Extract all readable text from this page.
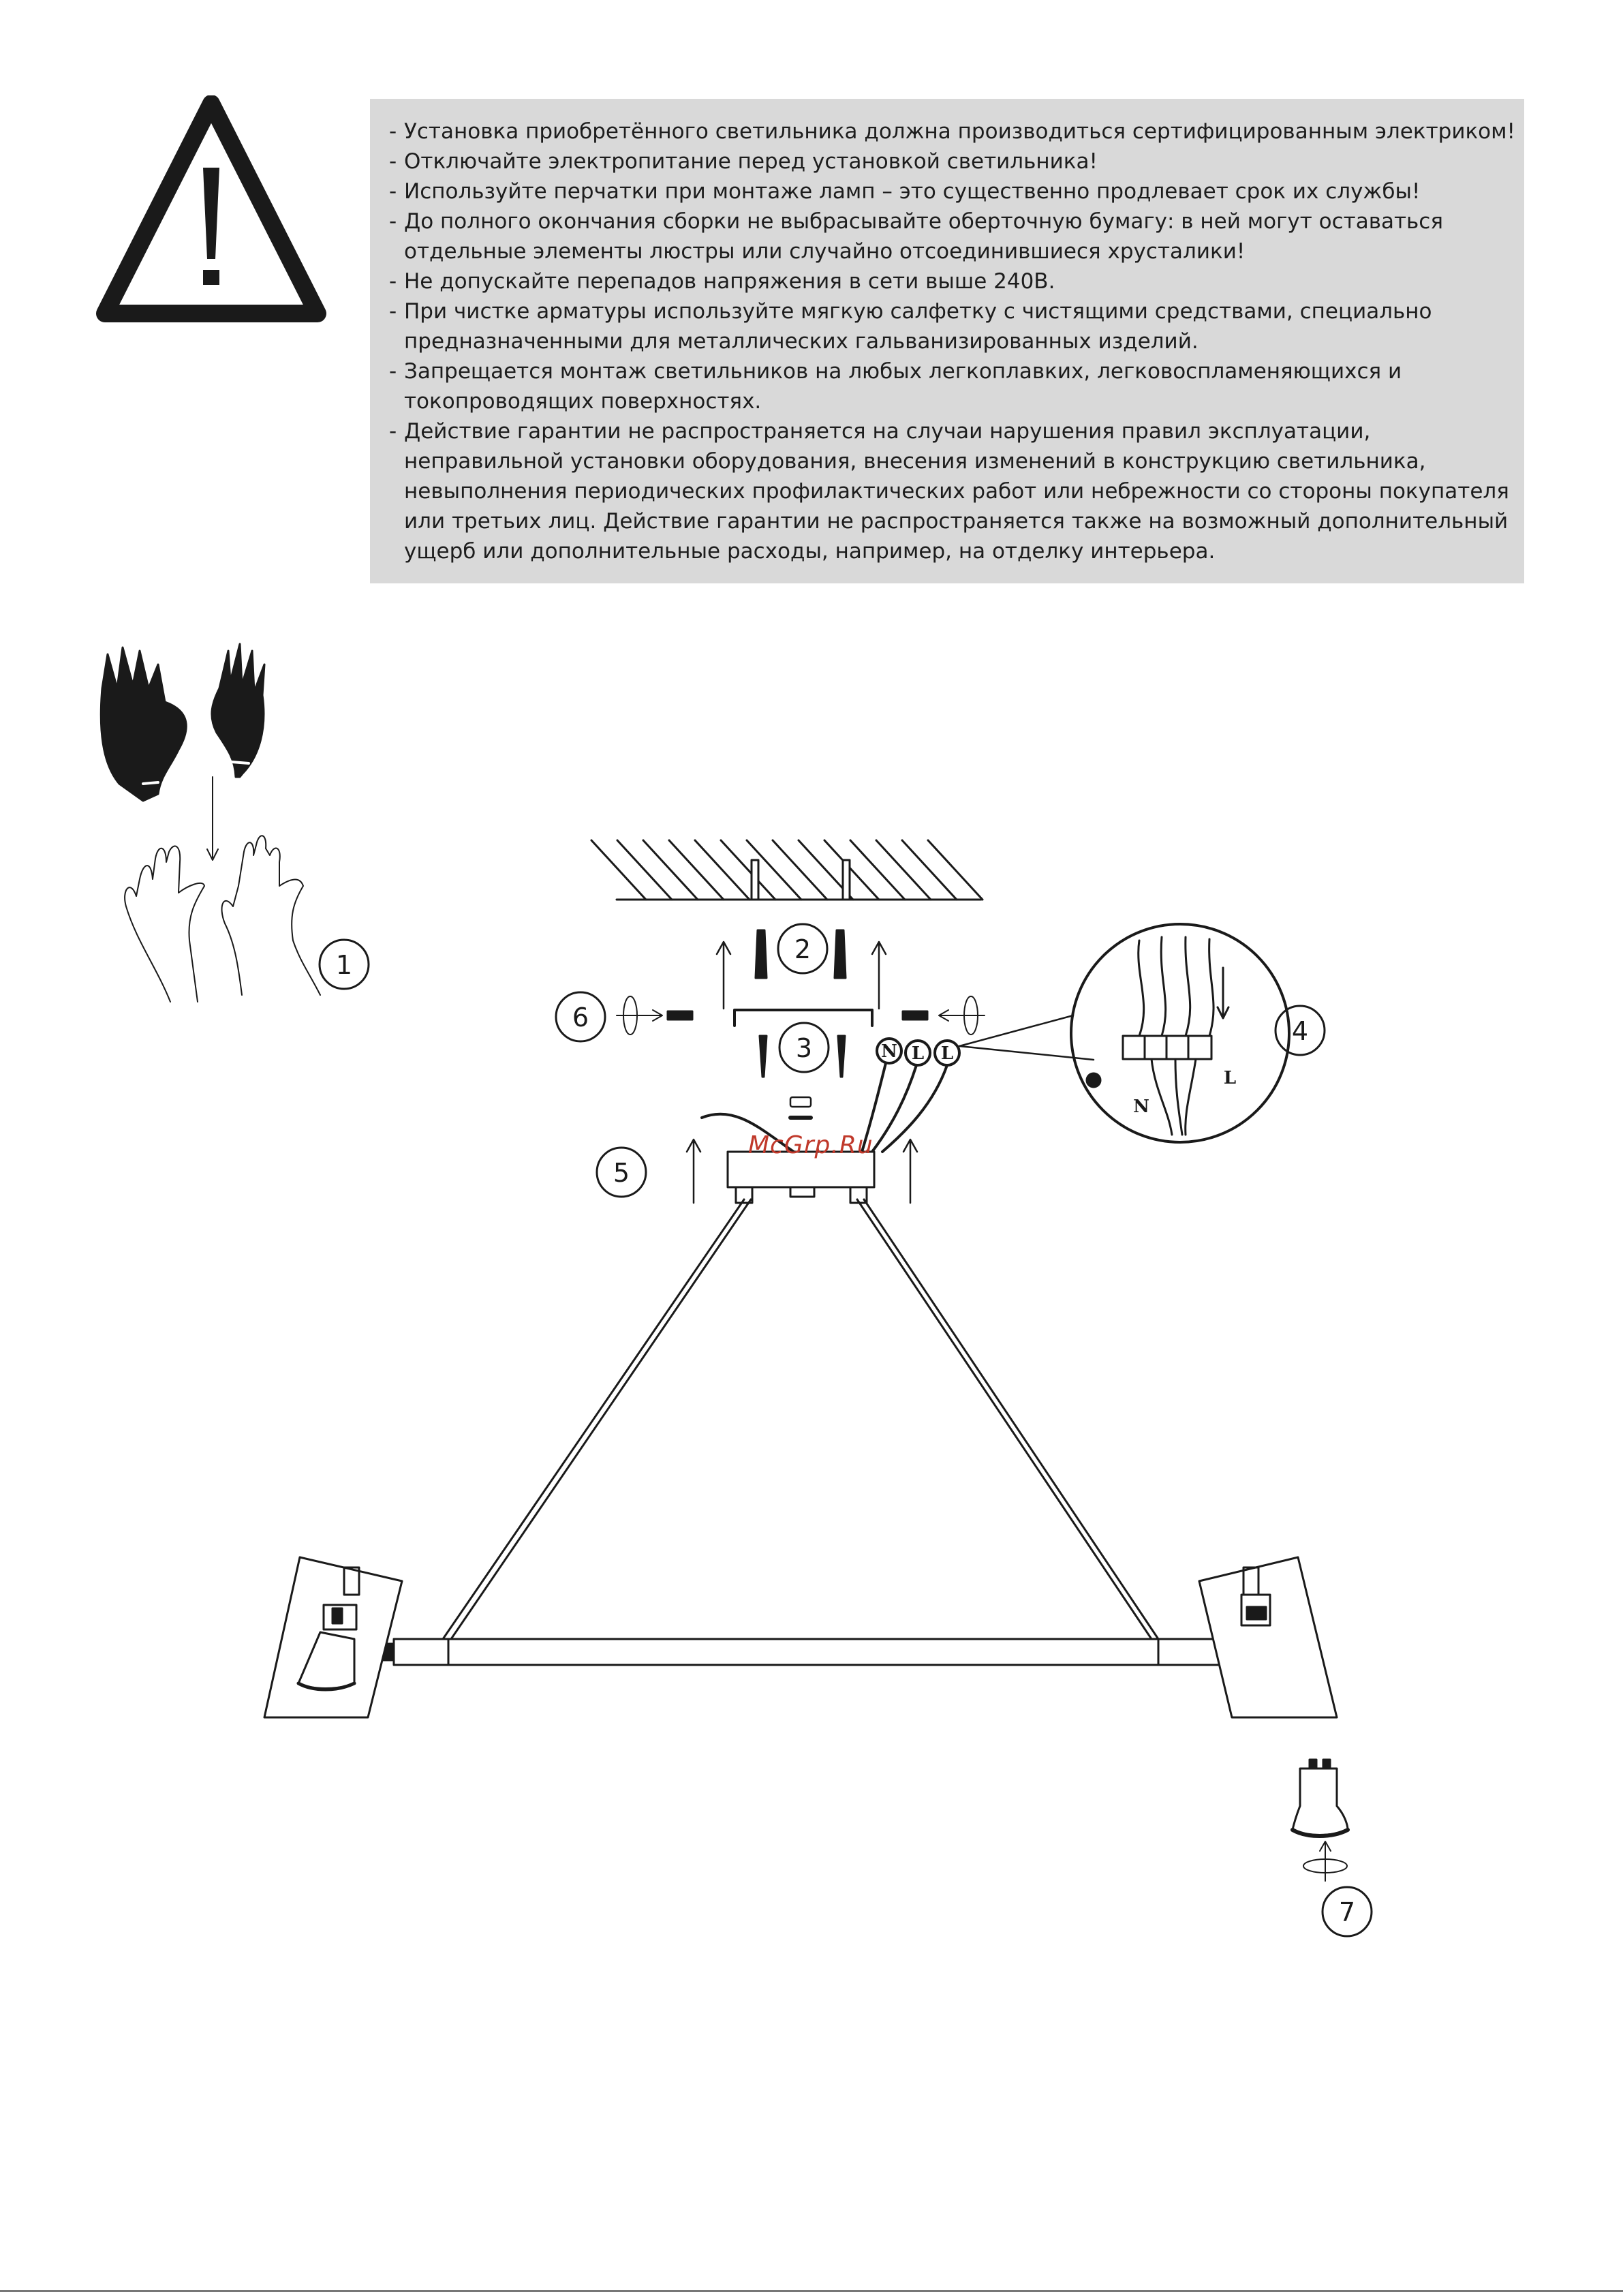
- Установка приобретённого светильника должна производиться сертифицированным электриком!
- Отключайте электропитание перед установкой светильника!
- Используйте перчатки при монтаже ламп – это существенно продлевает срок их службы!
- До полного окончания сборки не выбрасывайте оберточную бумагу: в ней могут оставаться
отдельные элементы люстры или случайно отсоединившиеся хрусталики!
- Не допускайте перепадов напряжения в сети выше 240В.
- При чистке арматуры используйте мягкую салфетку с чистящими средствами, специально
предназначенными для металлических гальванизированных изделий.
- Запрещается монтаж светильников на любых легкоплавких, легковоспламеняющихся и
токопроводящих поверхностях.
- Действие гарантии не распространяется на случаи нарушения правил эксплуатации,
неправильной установки оборудования, внесения изменений в конструкцию светильника,
невыполнения периодических профилактических работ или небрежности со стороны покупателя
или третьих лиц. Действие гарантии не распространяется также на возможный дополнительный
ущерб или дополнительные расходы, например, на отделку интерьера.
1
2
3
4
5
6
7
N L L
N
L
McGrp.Ru
